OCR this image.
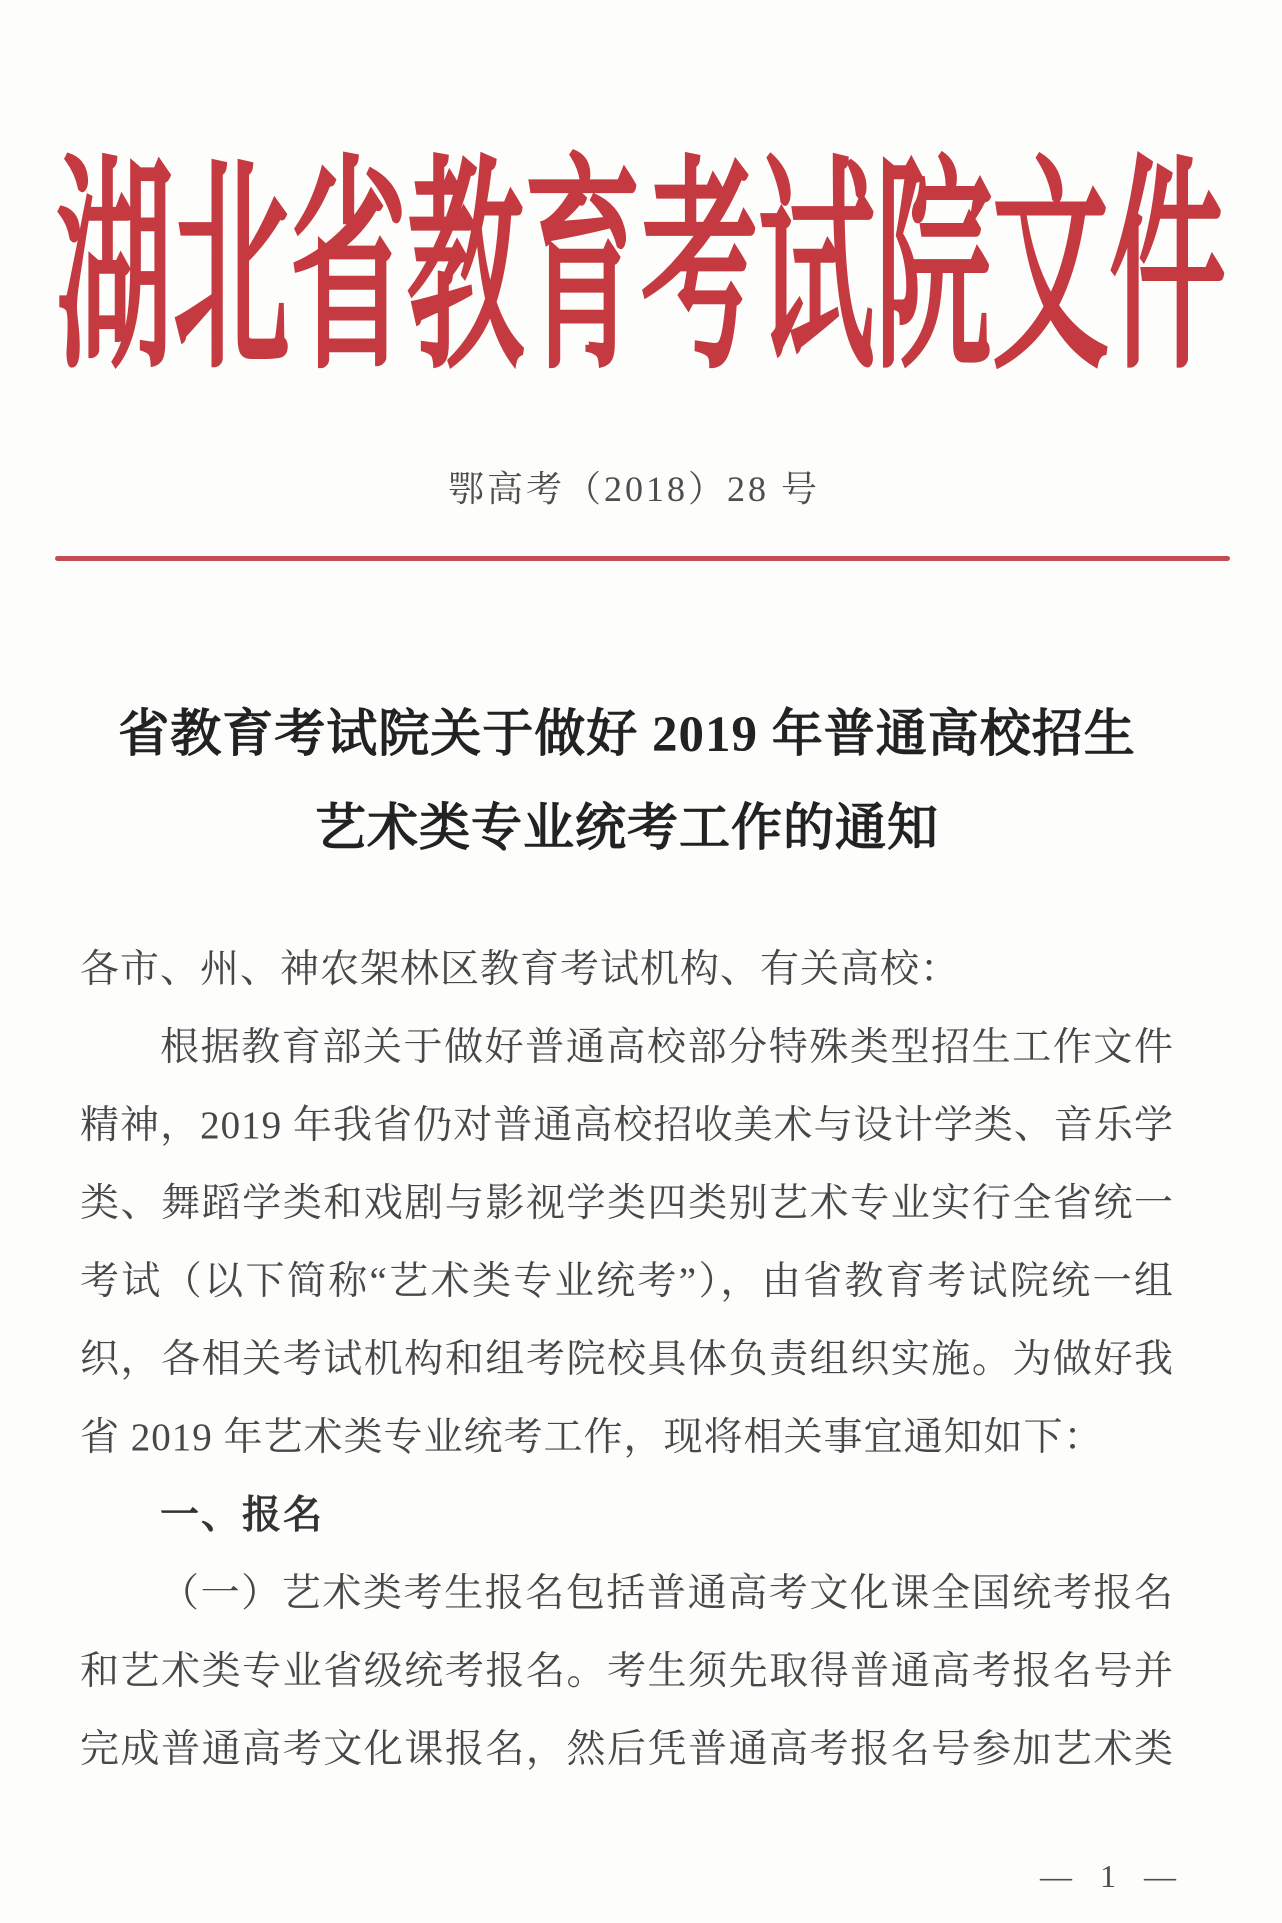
湖北省教育考试院文件
鄂高考（2018）28 号
省教育考试院关于做好 2019 年普通高校招生
艺术类专业统考工作的通知
各市、州、神农架林区教育考试机构、有关高校：
根据教育部关于做好普通高校部分特殊类型招生工作文件
精神，2019 年我省仍对普通高校招收美术与设计学类、音乐学
类、舞蹈学类和戏剧与影视学类四类别艺术专业实行全省统一
考试（以下简称“艺术类专业统考”），由省教育考试院统一组
织，各相关考试机构和组考院校具体负责组织实施。为做好我
省 2019 年艺术类专业统考工作，现将相关事宜通知如下：
一、报名
（一）艺术类考生报名包括普通高考文化课全国统考报名
和艺术类专业省级统考报名。考生须先取得普通高考报名号并
完成普通高考文化课报名，然后凭普通高考报名号参加艺术类
— 1 —
